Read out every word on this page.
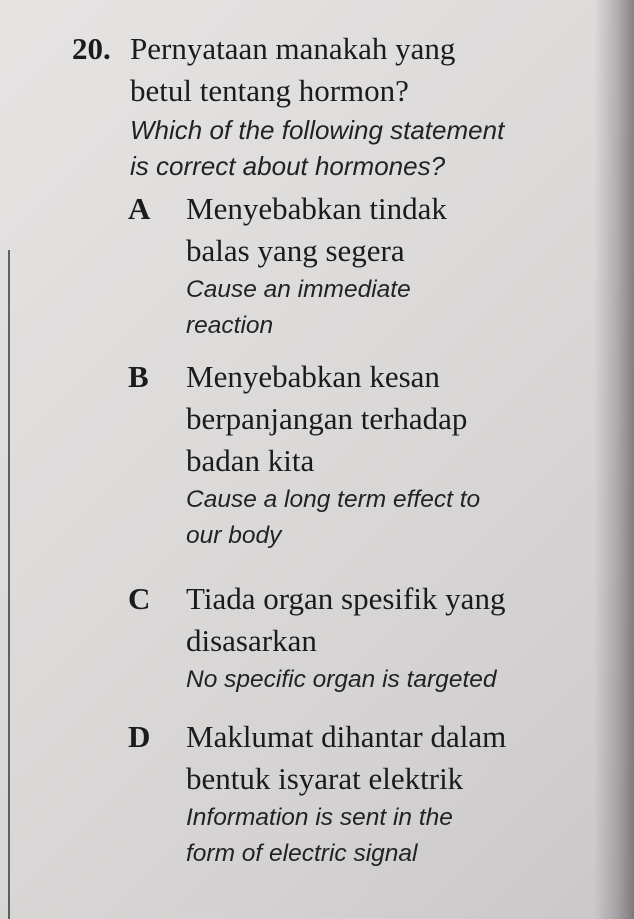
20. Pernyataan manakah yang
betul tentang hormon?
Which of the following statement
is correct about hormones?
A Menyebabkan tindak
balas yang segera
Cause an immediate
reaction
B Menyebabkan kesan
berpanjangan terhadap
badan kita
Cause a long term effect to
our body
C Tiada organ spesifik yang
disasarkan
No specific organ is targeted
D Maklumat dihantar dalam
bentuk isyarat elektrik
Information is sent in the
form of electric signal
